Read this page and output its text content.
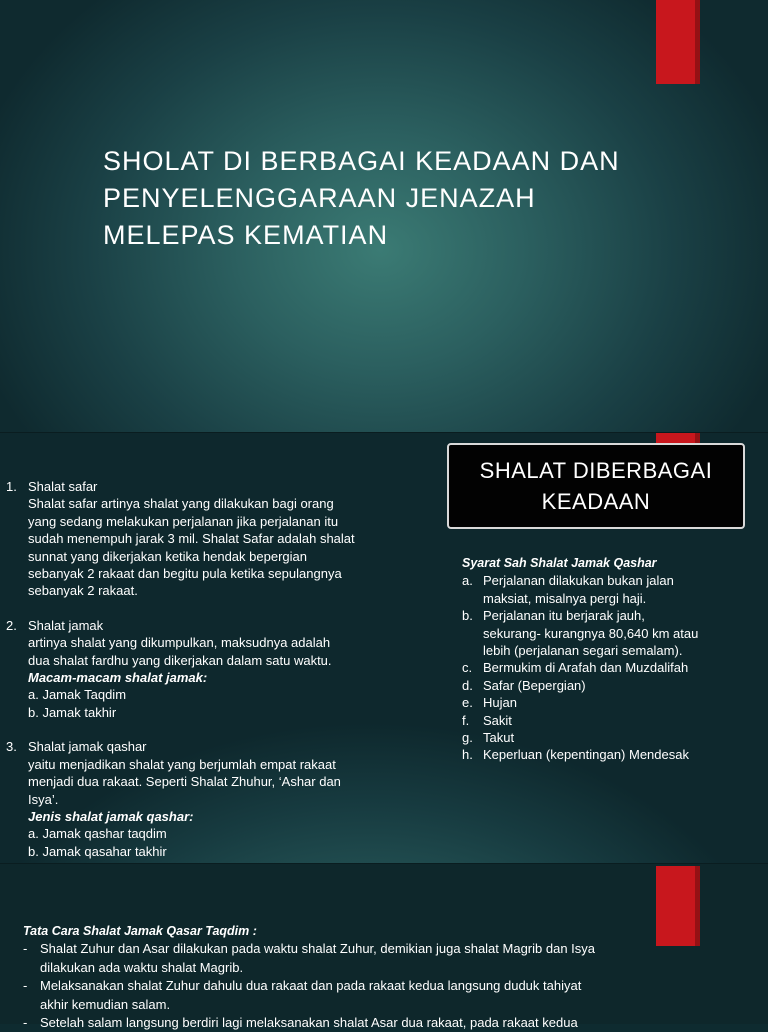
SHOLAT DI BERBAGAI KEADAAN DAN
PENYELENGGARAAN JENAZAH
MELEPAS KEMATIAN
SHALAT DIBERBAGAI
KEADAAN
1. Shalat safar

Shalat safar artinya shalat yang dilakukan bagi orang

yang sedang melakukan perjalanan jika perjalanan itu

sudah menempuh jarak 3 mil. Shalat Safar adalah shalat

sunnat yang dikerjakan ketika hendak bepergian

sebanyak 2 rakaat dan begitu pula ketika sepulangnya

sebanyak 2 rakaat.

2. Shalat jamak

artinya shalat yang dikumpulkan, maksudnya adalah

dua shalat fardhu yang dikerjakan dalam satu waktu.

Macam-macam shalat jamak:

a. Jamak Taqdim

b. Jamak takhir

3. Shalat jamak qashar

yaitu menjadikan shalat yang berjumlah empat rakaat

menjadi dua rakaat. Seperti Shalat Zhuhur, ‘Ashar dan

Isya’.

Jenis shalat jamak qashar:

a. Jamak qashar taqdim

b. Jamak qasahar takhir

Syarat Sah Shalat Jamak Qashar
a. Perjalanan dilakukan bukan jalan
maksiat, misalnya pergi haji.
b. Perjalanan itu berjarak jauh,
sekurang- kurangnya 80,640 km atau
lebih (perjalanan segari semalam).
c. Bermukim di Arafah dan Muzdalifah
d. Safar (Bepergian)
e. Hujan
f. Sakit
g. Takut
h. Keperluan (kepentingan) Mendesak
Tata Cara Shalat Jamak Qasar Taqdim :
- Shalat Zuhur dan Asar dilakukan pada waktu shalat Zuhur, demikian juga shalat Magrib dan Isya
dilakukan ada waktu shalat Magrib.
- Melaksanakan shalat Zuhur dahulu dua rakaat dan pada rakaat kedua langsung duduk tahiyat
akhir kemudian salam.
- Setelah salam langsung berdiri lagi melaksanakan shalat Asar dua rakaat, pada rakaat kedua
